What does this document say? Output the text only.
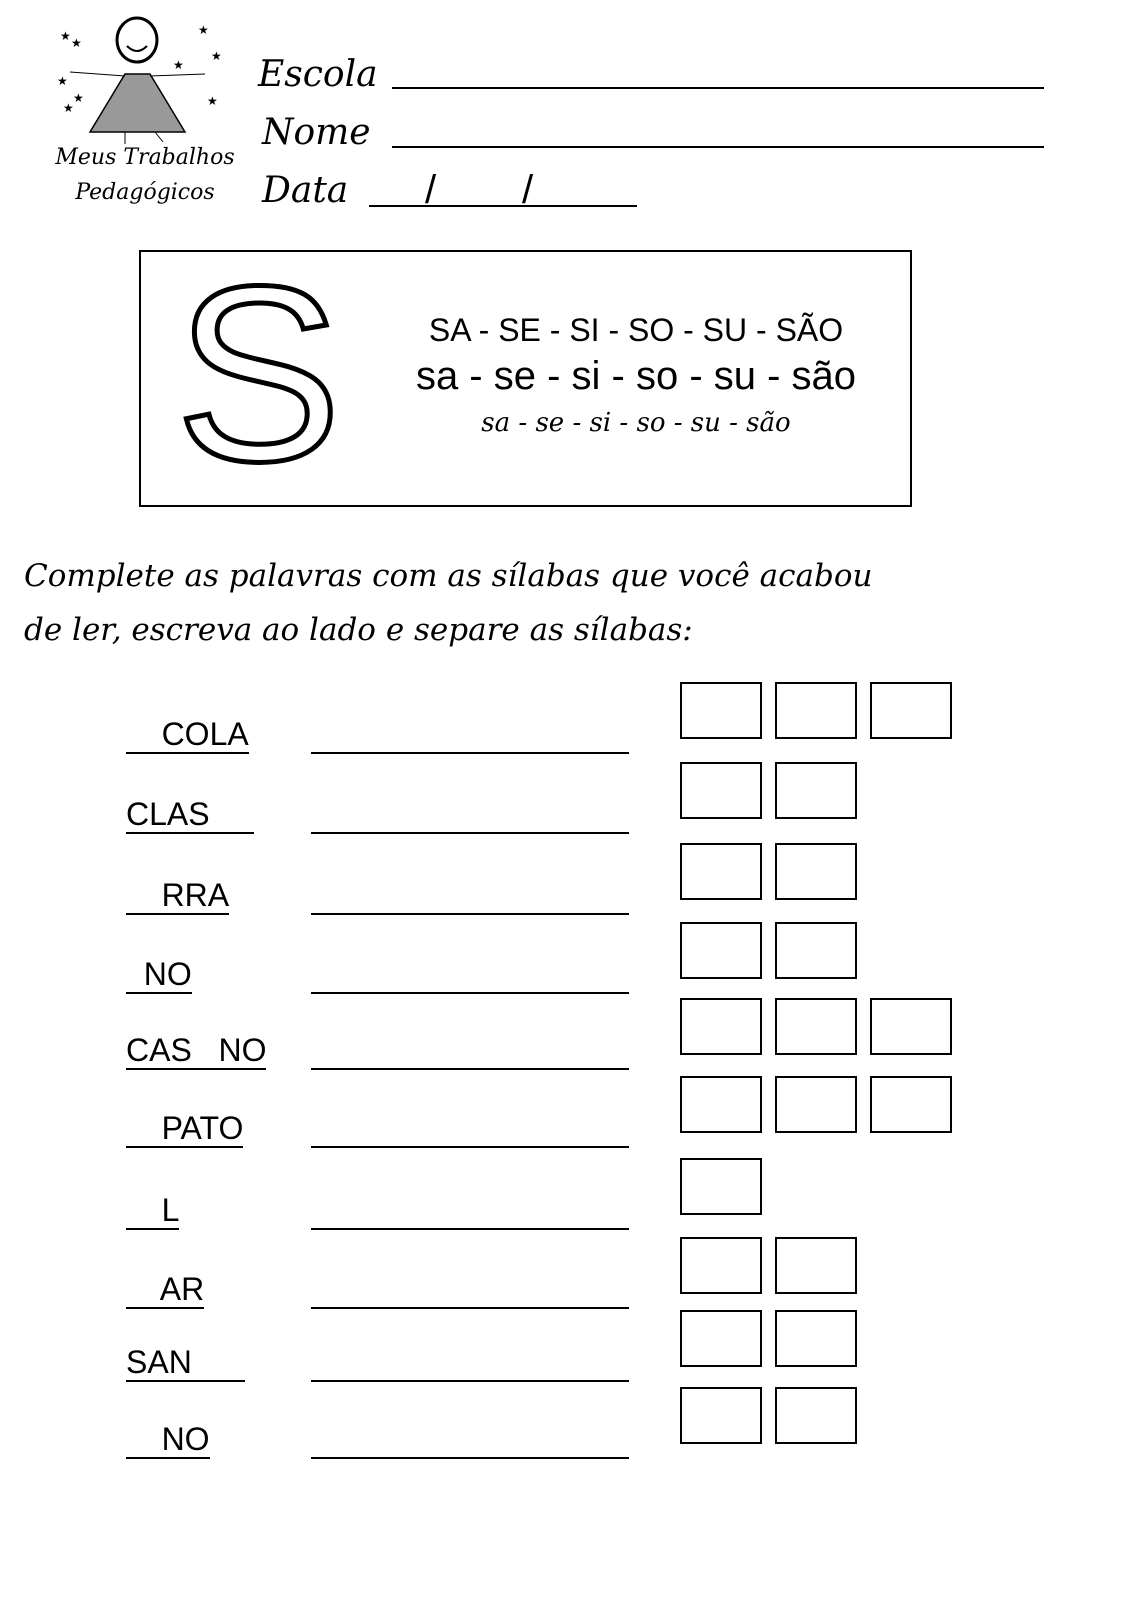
★ ★
★
★
★
★
★
★	★
Meus Trabalhos
Pedagógicos
Escola
Nome
Data / /
S	SA - SE - SI - SO - SU - SÃO
sa - se - si - so - su - são
sa - se - si - so - su - são
Complete as palavras com as sílabas que você acabou
de ler, escreva ao lado e separe as sílabas:
COLA
CLAS
RRA
NO
CAS   NO
PATO
L
AR
SAN
NO
